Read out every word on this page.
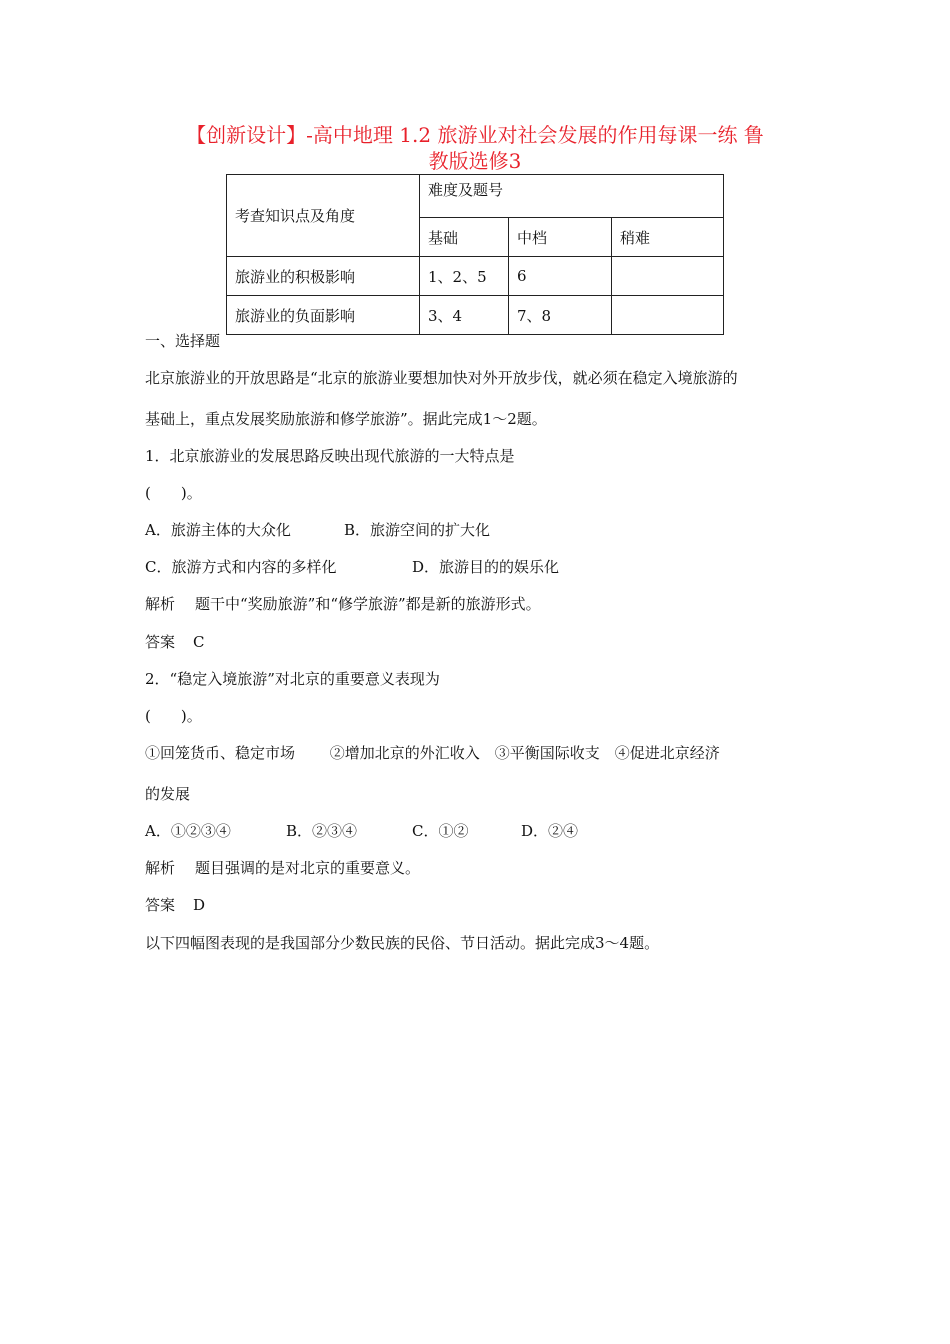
【创新设计】-高中地理 1.2 旅游业对社会发展的作用每课一练 鲁
教版选修3
考查知识点及角度	难度及题号		
	基础	中档	稍难
旅游业的积极影响	1、2、5	6	
旅游业的负面影响	3、4	7、8	
一、选择题
北京旅游业的开放思路是“北京的旅游业要想加快对外开放步伐，就必须在稳定入境旅游的
基础上，重点发展奖励旅游和修学旅游”。据此完成1～2题。
1．北京旅游业的发展思路反映出现代旅游的一大特点是
(　　)。
A．旅游主体的大众化	B．旅游空间的扩大化
C．旅游方式和内容的多样化	D．旅游目的的娱乐化
解析 题干中“奖励旅游”和“修学旅游”都是新的旅游形式。
答案 C
2．“稳定入境旅游”对北京的重要意义表现为
(　　)。
①回笼货币、稳定市场　　 ②增加北京的外汇收入　③平衡国际收支　④促进北京经济
的发展
A．①②③④	B．②③④	C．①②	D．②④
解析 题目强调的是对北京的重要意义。
答案 D
以下四幅图表现的是我国部分少数民族的民俗、节日活动。据此完成3～4题。
